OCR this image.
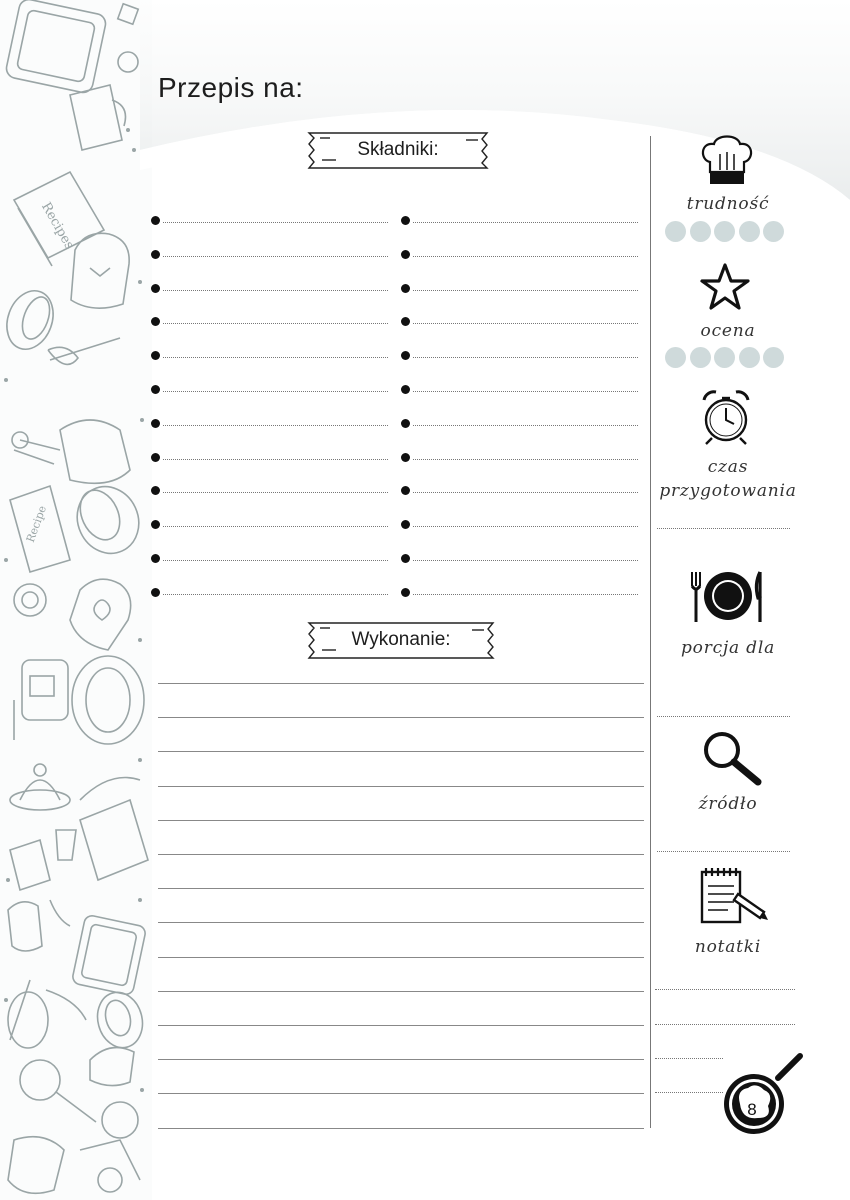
Recipes
Recipe
Przepis na:
Składniki:
Wykonanie:
trudność
ocena
czas
przygotowania
porcja dla
źródło
notatki
8
